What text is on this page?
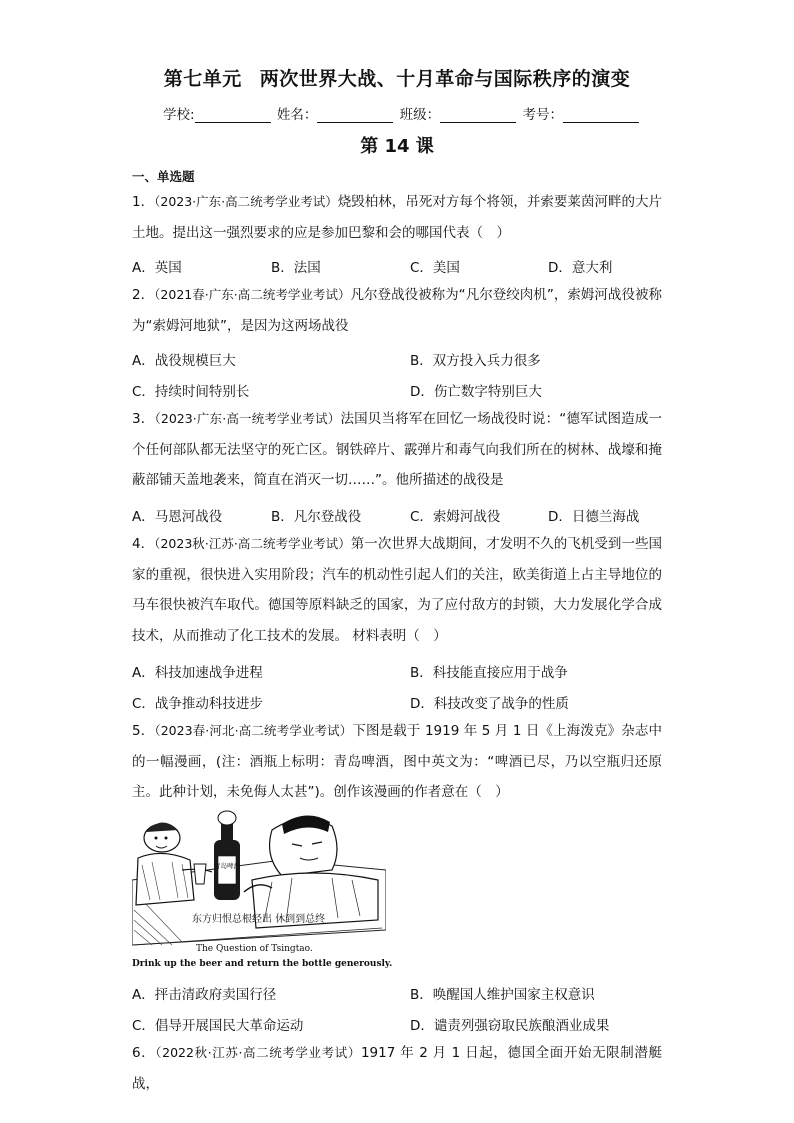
第七单元 两次世界大战、十月革命与国际秩序的演变
学校:	姓名：	班级：	考号：
第 14 课
一、单选题
1．（2023·广东·高二统考学业考试）烧毁柏林，吊死对方每个将领，并索要莱茵河畔的大片土地。提出这一强烈要求的应是参加巴黎和会的哪国代表（　）
A．英国	B．法国	C．美国	D．意大利
2．（2021春·广东·高二统考学业考试）凡尔登战役被称为“凡尔登绞肉机”，索姆河战役被称为“索姆河地狱”，是因为这两场战役
A．战役规模巨大	B．双方投入兵力很多
C．持续时间特别长	D．伤亡数字特别巨大
3．（2023·广东·高一统考学业考试）法国贝当将军在回忆一场战役时说：“德军试图造成一个任何部队都无法坚守的死亡区。钢铁碎片、霰弹片和毒气向我们所在的树林、战壕和掩蔽部铺天盖地袭来，简直在消灭一切……”。他所描述的战役是
A．马恩河战役	B．凡尔登战役	C．索姆河战役	D．日德兰海战
4．（2023秋·江苏·高二统考学业考试）第一次世界大战期间，才发明不久的飞机受到一些国家的重视，很快进入实用阶段；汽车的机动性引起人们的关注，欧美街道上占主导地位的马车很快被汽车取代。德国等原料缺乏的国家，为了应付敌方的封锁，大力发展化学合成技术，从而推动了化工技术的发展。 材料表明（　）
A．科技加速战争进程	B．科技能直接应用于战争
C．战争推动科技进步	D．科技改变了战争的性质
5．（2023春·河北·高二统考学业考试）下图是载于 1919 年 5 月 1 日《上海泼克》杂志中的一幅漫画，(注：酒瓶上标明：青岛啤酒，图中英文为：“啤酒已尽，乃以空瓶归还原主。此种计划，未免侮人太甚”)。创作该漫画的作者意在（　）
青岛啤酒
东方归恨总根经出 休到到总终
The Question of Tsingtao.
Drink up the beer and return the bottle generously.
A．抨击清政府卖国行径	B．唤醒国人维护国家主权意识
C．倡导开展国民大革命运动	D．谴责列强窃取民族酿酒业成果
6．（2022秋·江苏·高二统考学业考试）1917 年 2 月 1 日起，德国全面开始无限制潜艇战，
